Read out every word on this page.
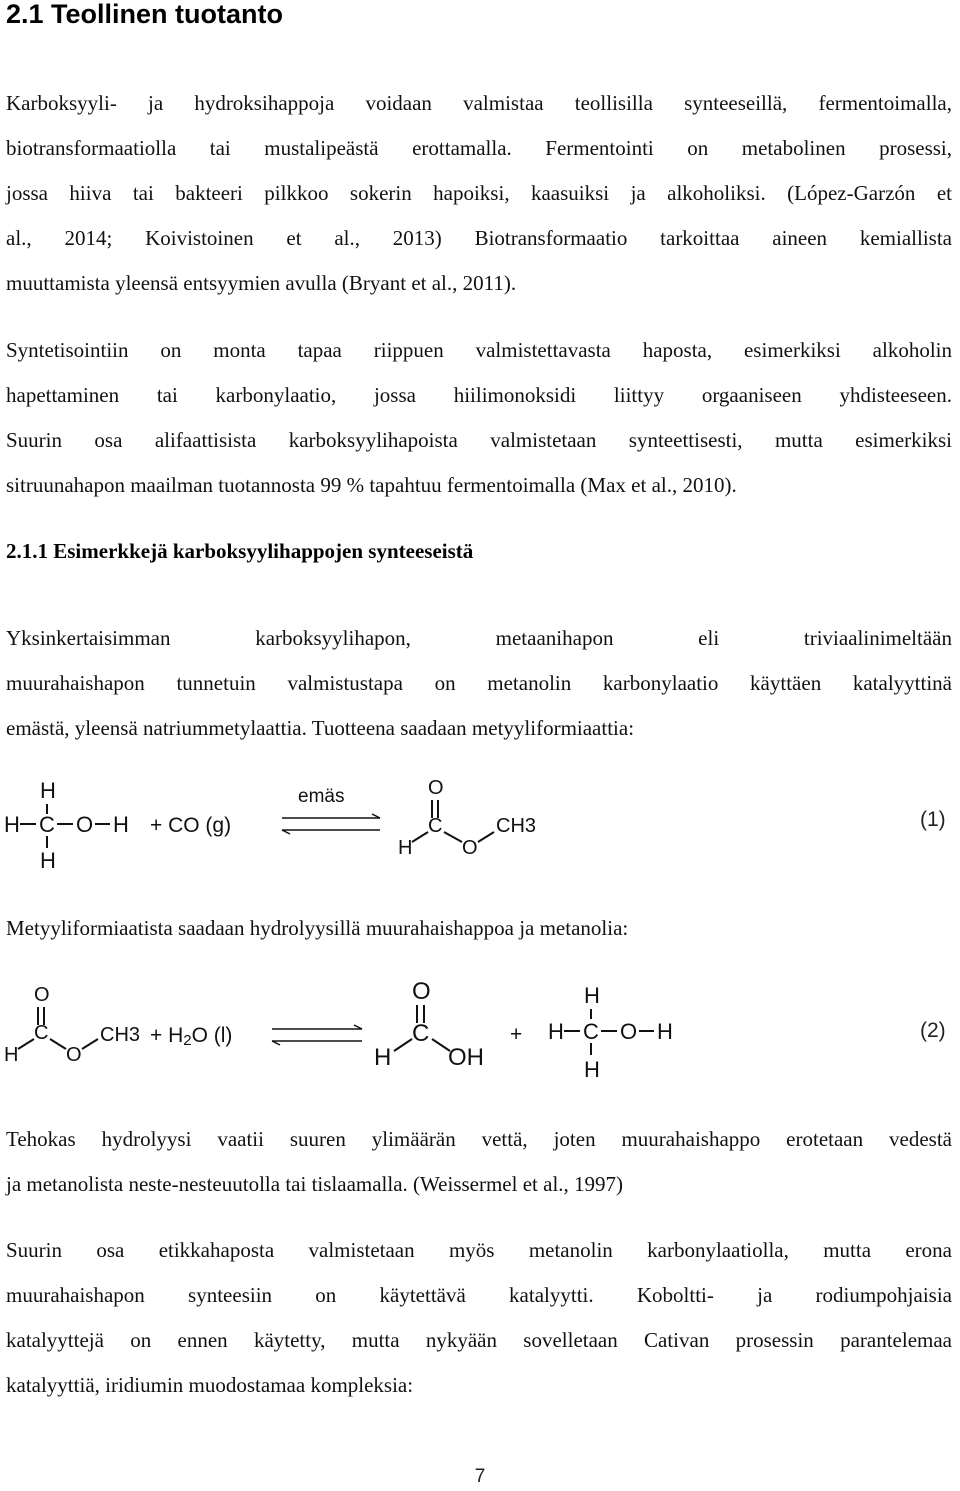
2.1 Teollinen tuotanto

Karboksyyli- ja hydroksihappoja voidaan valmistaa teollisilla synteeseillä, fermentoimalla,

biotransformaatiolla tai mustalipeästä erottamalla. Fermentointi on metabolinen prosessi,

jossa hiiva tai bakteeri pilkkoo sokerin hapoiksi, kaasuiksi ja alkoholiksi. (López-Garzón et

al., 2014; Koivistoinen et al., 2013) Biotransformaatio tarkoittaa aineen kemiallista

muuttamista yleensä entsyymien avulla (Bryant et al., 2011).

Syntetisointiin on monta tapaa riippuen valmistettavasta haposta, esimerkiksi alkoholin

hapettaminen tai karbonylaatio, jossa hiilimonoksidi liittyy orgaaniseen yhdisteeseen.

Suurin osa alifaattisista karboksyylihapoista valmistetaan synteettisesti, mutta esimerkiksi

sitruunahapon maailman tuotannosta 99 % tapahtuu fermentoimalla (Max et al., 2010).

2.1.1 Esimerkkejä karboksyylihappojen synteeseistä

Yksinkertaisimman karboksyylihapon, metaanihapon eli triviaalinimeltään

muurahaishapon tunnetuin valmistustapa on metanolin karbonylaatio käyttäen katalyyttinä

emästä, yleensä natriummetylaattia. Tuotteena saadaan metyyliformiaattia:

H
H C O H
H
+ CO (g)
emäs	O
C
H O
CH3	(1)

Metyyliformiaatista saadaan hydrolyysillä muurahaishappoa ja metanolia:

O
C
H O
CH3 + H2O (l)
O
C
H OH
+
H
H C O H
H
(2)

Tehokas hydrolyysi vaatii suuren ylimäärän vettä, joten muurahaishappo erotetaan vedestä

ja metanolista neste-nesteuutolla tai tislaamalla. (Weissermel et al., 1997)

Suurin osa etikkahaposta valmistetaan myös metanolin karbonylaatiolla, mutta erona

muurahaishapon synteesiin on käytettävä katalyytti. Koboltti- ja rodiumpohjaisia

katalyyttejä on ennen käytetty, mutta nykyään sovelletaan Cativan prosessin parantelemaa

katalyyttiä, iridiumin muodostamaa kompleksia:

7
